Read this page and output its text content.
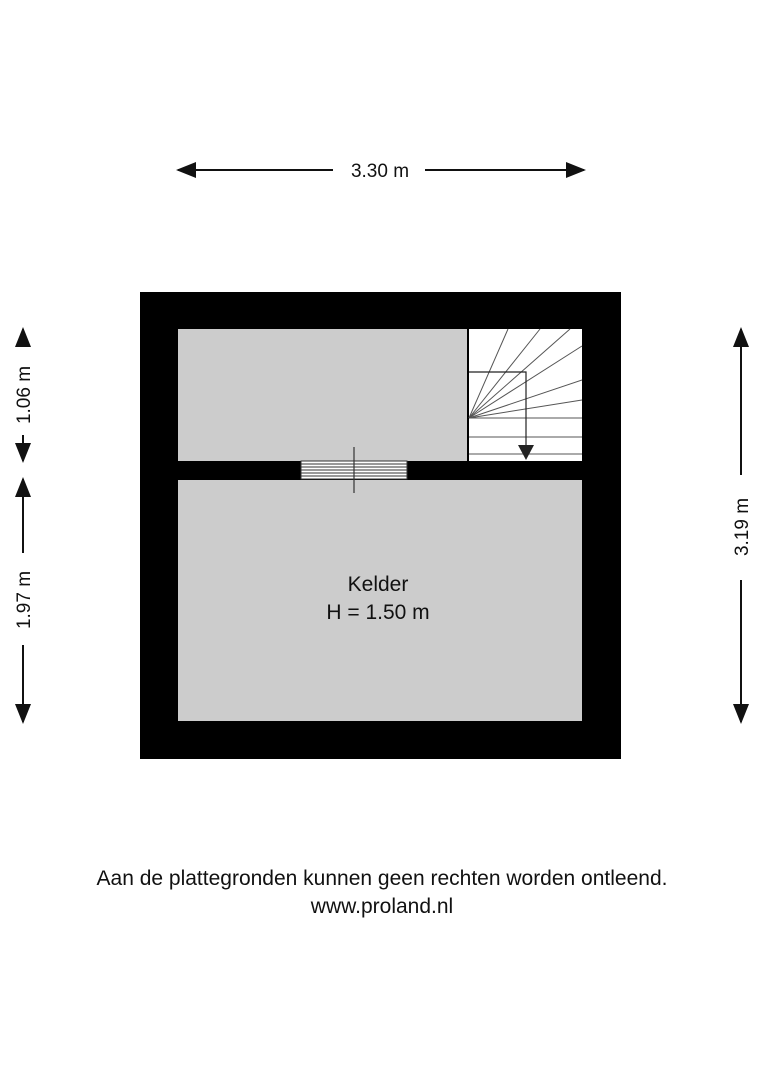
3.30 m
3.19 m
1.06 m
1.97 m	Kelder
H = 1.50 m
Aan de plattegronden kunnen geen rechten worden ontleend.
www.proland.nl
